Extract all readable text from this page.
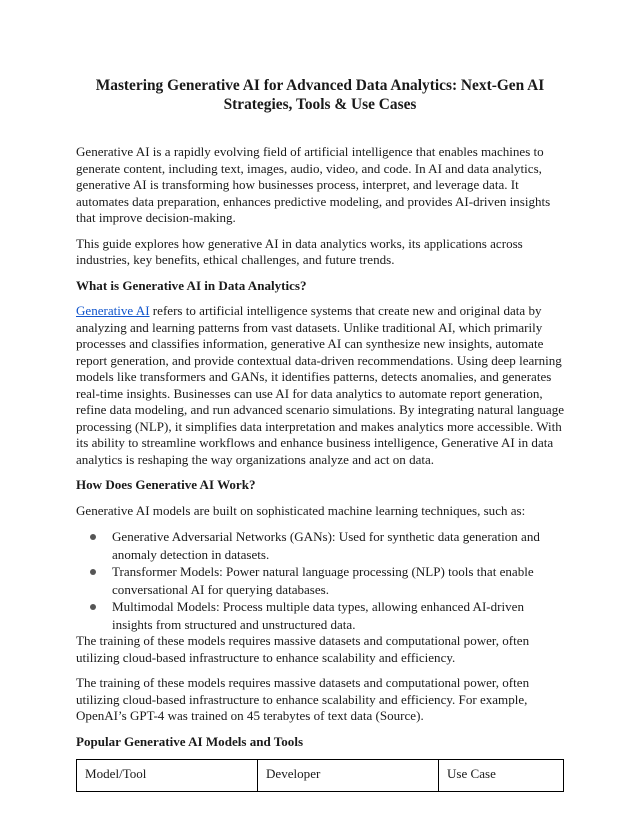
Mastering Generative AI for Advanced Data Analytics: Next-Gen AI Strategies, Tools & Use Cases

Generative AI is a rapidly evolving field of artificial intelligence that enables machines to generate content, including text, images, audio, video, and code. In AI and data analytics, generative AI is transforming how businesses process, interpret, and leverage data. It automates data preparation, enhances predictive modeling, and provides AI-driven insights that improve decision-making.

This guide explores how generative AI in data analytics works, its applications across industries, key benefits, ethical challenges, and future trends.

What is Generative AI in Data Analytics?

Generative AI refers to artificial intelligence systems that create new and original data by analyzing and learning patterns from vast datasets. Unlike traditional AI, which primarily processes and classifies information, generative AI can synthesize new insights, automate report generation, and provide contextual data-driven recommendations. Using deep learning models like transformers and GANs, it identifies patterns, detects anomalies, and generates real-time insights. Businesses can use AI for data analytics to automate report generation, refine data modeling, and run advanced scenario simulations. By integrating natural language processing (NLP), it simplifies data interpretation and makes analytics more accessible. With its ability to streamline workflows and enhance business intelligence, Generative AI in data analytics is reshaping the way organizations analyze and act on data.

How Does Generative AI Work?

Generative AI models are built on sophisticated machine learning techniques, such as:

Generative Adversarial Networks (GANs): Used for synthetic data generation and anomaly detection in datasets.
Transformer Models: Power natural language processing (NLP) tools that enable conversational AI for querying databases.
Multimodal Models: Process multiple data types, allowing enhanced AI-driven insights from structured and unstructured data.

The training of these models requires massive datasets and computational power, often utilizing cloud-based infrastructure to enhance scalability and efficiency.

The training of these models requires massive datasets and computational power, often utilizing cloud-based infrastructure to enhance scalability and efficiency. For example, OpenAI’s GPT-4 was trained on 45 terabytes of text data (Source).

Popular Generative AI Models and Tools
Model/Tool	Developer	Use Case
